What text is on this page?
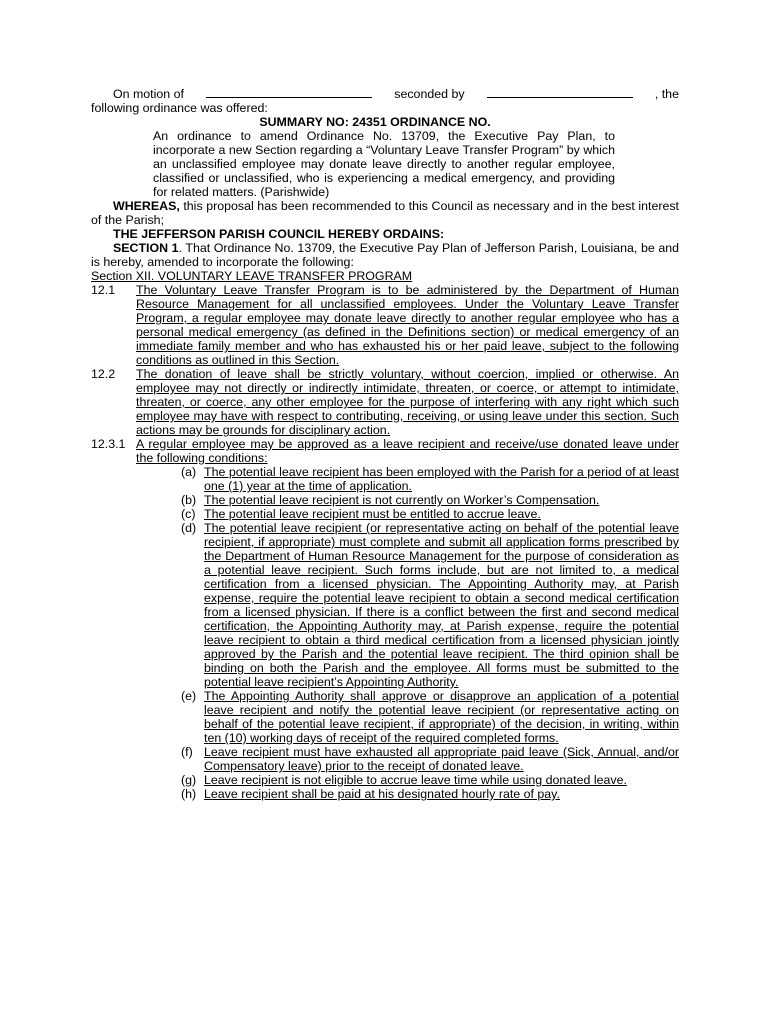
On motion of	seconded by	, the
following ordinance was offered:
SUMMARY NO: 24351 ORDINANCE NO.
An ordinance to amend Ordinance No. 13709, the Executive Pay Plan, to incorporate a new Section regarding a “Voluntary Leave Transfer Program” by which an unclassified employee may donate leave directly to another regular employee, classified or unclassified, who is experiencing a medical emergency, and providing for related matters. (Parishwide)
WHEREAS, this proposal has been recommended to this Council as necessary and in the best interest of the Parish;
THE JEFFERSON PARISH COUNCIL HEREBY ORDAINS:
SECTION 1. That Ordinance No. 13709, the Executive Pay Plan of Jefferson Parish, Louisiana, be and is hereby, amended to incorporate the following:
Section XII. VOLUNTARY LEAVE TRANSFER PROGRAM
12.1	The Voluntary Leave Transfer Program is to be administered by the Department of Human Resource Management for all unclassified employees. Under the Voluntary Leave Transfer Program, a regular employee may donate leave directly to another regular employee who has a personal medical emergency (as defined in the Definitions section) or medical emergency of an immediate family member and who has exhausted his or her paid leave, subject to the following conditions as outlined in this Section.
12.2	The donation of leave shall be strictly voluntary, without coercion, implied or otherwise. An employee may not directly or indirectly intimidate, threaten, or coerce, or attempt to intimidate, threaten, or coerce, any other employee for the purpose of interfering with any right which such employee may have with respect to contributing, receiving, or using leave under this section. Such actions may be grounds for disciplinary action.
12.3.1 A regular employee may be approved as a leave recipient and receive/use donated leave under the following conditions:
(a) The potential leave recipient has been employed with the Parish for a period of at least one (1) year at the time of application.
(b) The potential leave recipient is not currently on Worker’s Compensation.
(c) The potential leave recipient must be entitled to accrue leave.
(d) The potential leave recipient (or representative acting on behalf of the potential leave recipient, if appropriate) must complete and submit all application forms prescribed by the Department of Human Resource Management for the purpose of consideration as a potential leave recipient. Such forms include, but are not limited to, a medical certification from a licensed physician. The Appointing Authority may, at Parish expense, require the potential leave recipient to obtain a second medical certification from a licensed physician. If there is a conflict between the first and second medical certification, the Appointing Authority may, at Parish expense, require the potential leave recipient to obtain a third medical certification from a licensed physician jointly approved by the Parish and the potential leave recipient. The third opinion shall be binding on both the Parish and the employee. All forms must be submitted to the potential leave recipient’s Appointing Authority.
(e) The Appointing Authority shall approve or disapprove an application of a potential leave recipient and notify the potential leave recipient (or representative acting on behalf of the potential leave recipient, if appropriate) of the decision, in writing, within ten (10) working days of receipt of the required completed forms.
(f) Leave recipient must have exhausted all appropriate paid leave (Sick, Annual, and/or Compensatory leave) prior to the receipt of donated leave.
(g) Leave recipient is not eligible to accrue leave time while using donated leave.
(h) Leave recipient shall be paid at his designated hourly rate of pay.
